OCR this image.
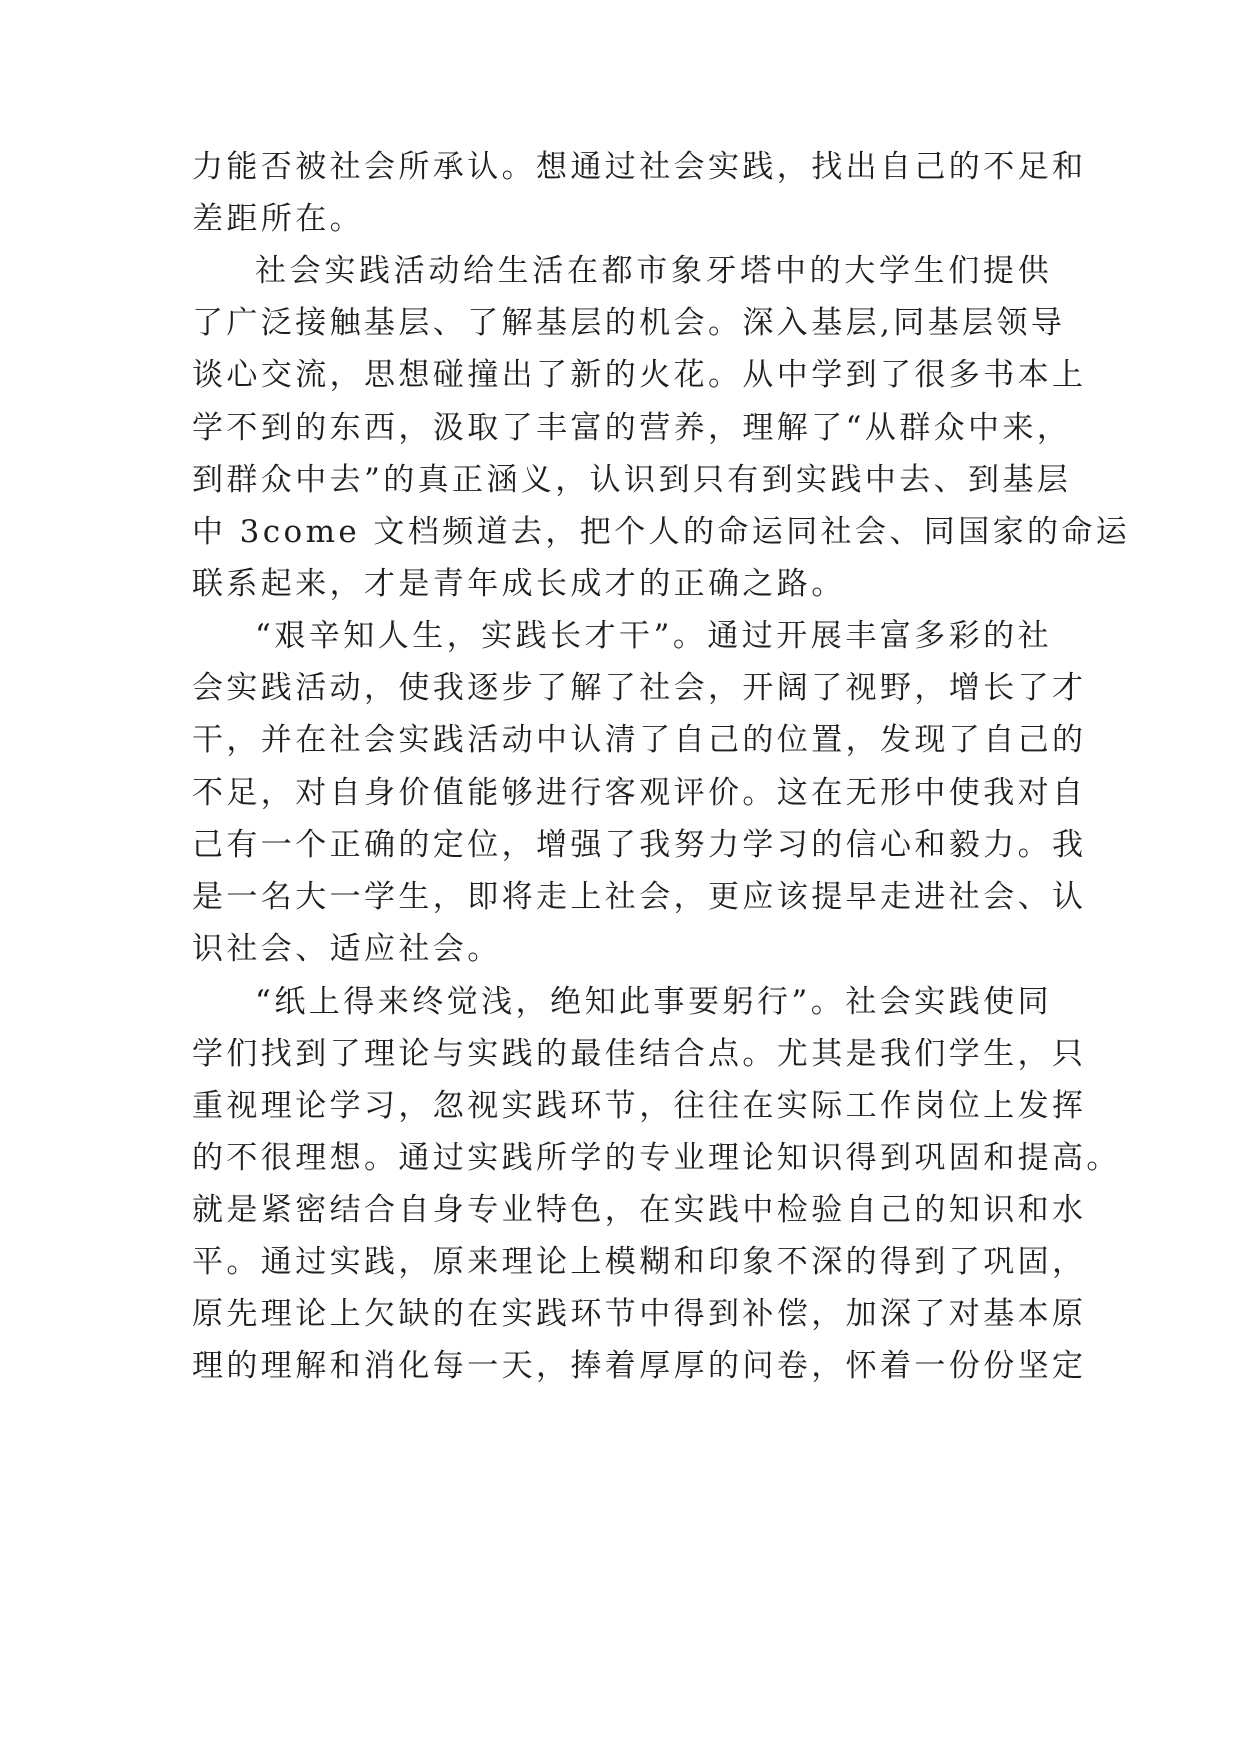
力能否被社会所承认。想通过社会实践，找出自己的不足和
差距所在。
社会实践活动给生活在都市象牙塔中的大学生们提供
了广泛接触基层、了解基层的机会。深入基层,同基层领导
谈心交流，思想碰撞出了新的火花。从中学到了很多书本上
学不到的东西，汲取了丰富的营养，理解了“从群众中来，
到群众中去”的真正涵义，认识到只有到实践中去、到基层
中 3come 文档频道去，把个人的命运同社会、同国家的命运
联系起来，才是青年成长成才的正确之路。
“艰辛知人生，实践长才干”。通过开展丰富多彩的社
会实践活动，使我逐步了解了社会，开阔了视野，增长了才
干，并在社会实践活动中认清了自己的位置，发现了自己的
不足，对自身价值能够进行客观评价。这在无形中使我对自
己有一个正确的定位，增强了我努力学习的信心和毅力。我
是一名大一学生，即将走上社会，更应该提早走进社会、认
识社会、适应社会。
“纸上得来终觉浅，绝知此事要躬行”。社会实践使同
学们找到了理论与实践的最佳结合点。尤其是我们学生，只
重视理论学习，忽视实践环节，往往在实际工作岗位上发挥
的不很理想。通过实践所学的专业理论知识得到巩固和提高。
就是紧密结合自身专业特色，在实践中检验自己的知识和水
平。通过实践，原来理论上模糊和印象不深的得到了巩固，
原先理论上欠缺的在实践环节中得到补偿，加深了对基本原
理的理解和消化每一天，捧着厚厚的问卷，怀着一份份坚定
